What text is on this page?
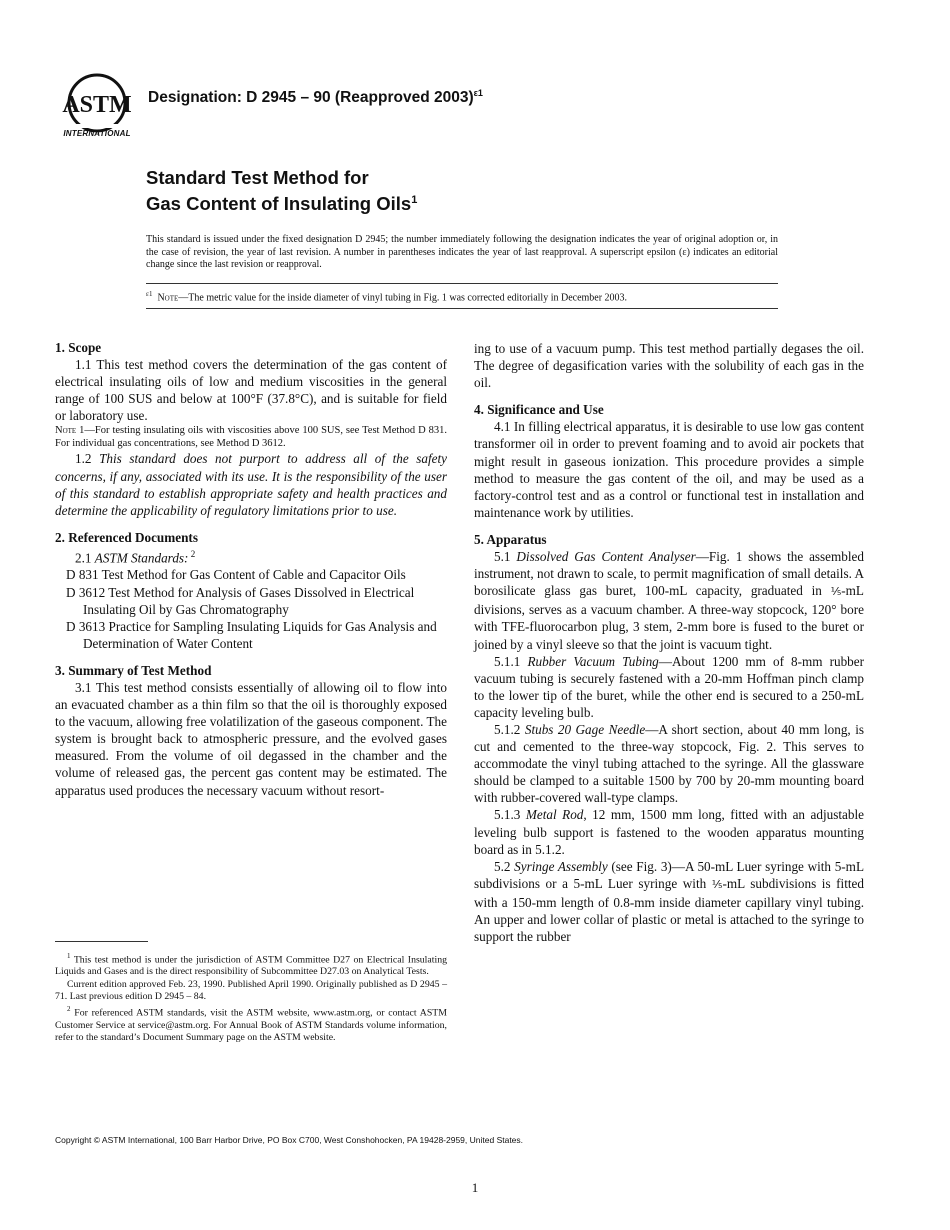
ASTM
INTERNATIONAL
Designation: D 2945 – 90 (Reapproved 2003)$^{\varepsilon 1}$
Standard Test Method for
Gas Content of Insulating Oils$^1$
This standard is issued under the fixed designation D 2945; the number immediately following the designation indicates the year of original adoption or, in the case of revision, the year of last revision. A number in parentheses indicates the year of last reapproval. A superscript epsilon (ε) indicates an editorial change since the last revision or reapproval.
$^{\varepsilon 1}$ Note—The metric value for the inside diameter of vinyl tubing in Fig. 1 was corrected editorially in December 2003.

1. Scope

1.1 This test method covers the determination of the gas content of electrical insulating oils of low and medium viscosities in the general range of 100 SUS and below at 100°F (37.8°C), and is suitable for field or laboratory use.

Note 1—For testing insulating oils with viscosities above 100 SUS, see Test Method D 831. For individual gas concentrations, see Method D 3612.

1.2 This standard does not purport to address all of the safety concerns, if any, associated with its use. It is the responsibility of the user of this standard to establish appropriate safety and health practices and determine the applicability of regulatory limitations prior to use.

2. Referenced Documents

2.1 ASTM Standards: $^2$

D 831 Test Method for Gas Content of Cable and Capacitor Oils

D 3612 Test Method for Analysis of Gases Dissolved in Electrical Insulating Oil by Gas Chromatography

D 3613 Practice for Sampling Insulating Liquids for Gas Analysis and Determination of Water Content

3. Summary of Test Method

3.1 This test method consists essentially of allowing oil to flow into an evacuated chamber as a thin film so that the oil is thoroughly exposed to the vacuum, allowing free volatilization of the gaseous component. The system is brought back to atmospheric pressure, and the evolved gases measured. From the volume of oil degassed in the chamber and the volume of released gas, the percent gas content may be estimated. The apparatus used produces the necessary vacuum without resort-

ing to use of a vacuum pump. This test method partially degases the oil. The degree of degasification varies with the solubility of each gas in the oil.

4. Significance and Use

4.1 In filling electrical apparatus, it is desirable to use low gas content transformer oil in order to prevent foaming and to avoid air pockets that might result in gaseous ionization. This procedure provides a simple method to measure the gas content of the oil, and may be used as a factory-control test and as a control or functional test in installation and maintenance work by utilities.

5. Apparatus

5.1 Dissolved Gas Content Analyser—Fig. 1 shows the assembled instrument, not drawn to scale, to permit magnification of small details. A borosilicate glass gas buret, 100-mL capacity, graduated in ⅕-mL divisions, serves as a vacuum chamber. A three-way stopcock, 120° bore with TFE-fluorocarbon plug, 3 stem, 2-mm bore is fused to the buret or joined by a vinyl sleeve so that the joint is vacuum tight.

5.1.1 Rubber Vacuum Tubing—About 1200 mm of 8-mm rubber vacuum tubing is securely fastened with a 20-mm Hoffman pinch clamp to the lower tip of the buret, while the other end is secured to a 250-mL capacity leveling bulb.

5.1.2 Stubs 20 Gage Needle—A short section, about 40 mm long, is cut and cemented to the three-way stopcock, Fig. 2. This serves to accommodate the vinyl tubing attached to the syringe. All the glassware should be clamped to a suitable 1500 by 700 by 20-mm mounting board with rubber-covered wall-type clamps.

5.1.3 Metal Rod, 12 mm, 1500 mm long, fitted with an adjustable leveling bulb support is fastened to the wooden apparatus mounting board as in 5.1.2.

5.2 Syringe Assembly (see Fig. 3)—A 50-mL Luer syringe with 5-mL subdivisions or a 5-mL Luer syringe with ⅕-mL subdivisions is fitted with a 150-mm length of 0.8-mm inside diameter capillary vinyl tubing. An upper and lower collar of plastic or metal is attached to the syringe to support the rubber

$^1$ This test method is under the jurisdiction of ASTM Committee D27 on Electrical Insulating Liquids and Gases and is the direct responsibility of Subcommittee D27.03 on Analytical Tests.

Current edition approved Feb. 23, 1990. Published April 1990. Originally published as D 2945 – 71. Last previous edition D 2945 – 84.

$^2$ For referenced ASTM standards, visit the ASTM website, www.astm.org, or contact ASTM Customer Service at service@astm.org. For Annual Book of ASTM Standards volume information, refer to the standard’s Document Summary page on the ASTM website.

Copyright © ASTM International, 100 Barr Harbor Drive, PO Box C700, West Conshohocken, PA 19428-2959, United States.
1
